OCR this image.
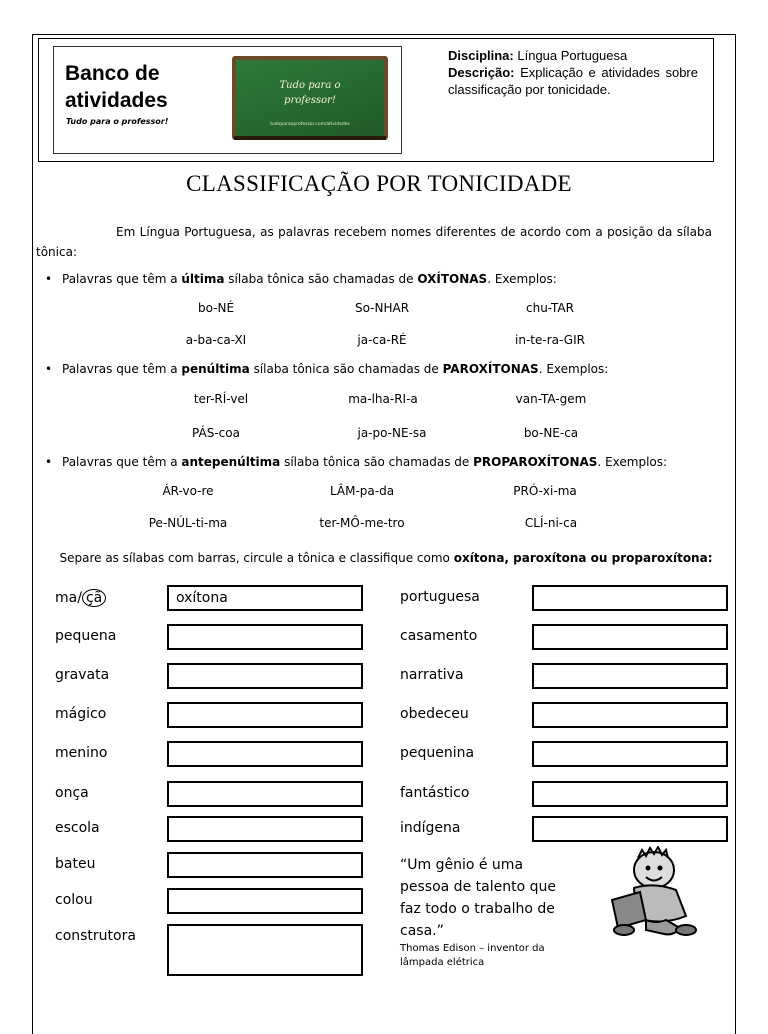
Banco de
atividades
Tudo para o professor!
Tudo para o
professor!
tudoparaoprofessor.com/atividades
Disciplina: Língua Portuguesa
Descrição: Explicação e atividades sobre classificação por tonicidade.
CLASSIFICAÇÃO POR TONICIDADE
Em Língua Portuguesa, as palavras recebem nomes diferentes de acordo com a posição da sílaba tônica:
• Palavras que têm a última sílaba tônica são chamadas de OXÍTONAS. Exemplos:
bo-NÉ	So-NHAR	chu-TAR
a-ba-ca-XI	ja-ca-RÉ	in-te-ra-GIR
• Palavras que têm a penúltima sílaba tônica são chamadas de PAROXÍTONAS. Exemplos:
ter-RÍ-vel	ma-lha-RI-a	van-TA-gem
PÁS-coa	ja-po-NE-sa	bo-NE-ca
• Palavras que têm a antepenúltima sílaba tônica são chamadas de PROPAROXÍTONAS. Exemplos:
ÁR-vo-re	LÂM-pa-da	PRÓ-xi-ma
Pe-NÚL-ti-ma	ter-MÔ-me-tro	CLÍ-ni-ca
Separe as sílabas com barras, circule a tônica e classifique como oxítona, paroxítona ou proparoxítona:
ma/ çã	oxítona
pequena
gravata
mágico
menino
onça
escola
bateu
colou
construtora
portuguesa
casamento
narrativa
obedeceu
pequenina
fantástico
indígena
“Um gênio é uma pessoa de talento que faz todo o trabalho de casa.”
Thomas Edison – inventor da lâmpada elétrica
